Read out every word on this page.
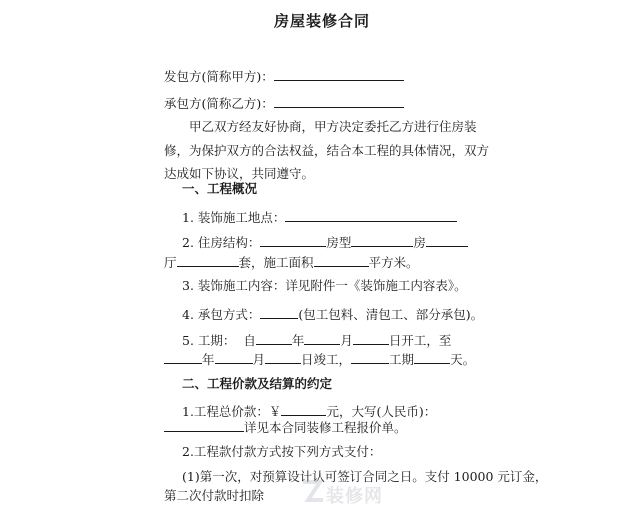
房屋装修合同
发包方(简称甲方)：
承包方(简称乙方)：
甲乙双方经友好协商，甲方决定委托乙方进行住房装修，为保护双方的合法权益，结合本工程的具体情况，双方达成如下协议，共同遵守。
一、工程概况
1. 装饰施工地点：
2. 住房结构：	房型	房
厅	套，施工面积	平方米。
3. 装饰施工内容：详见附件一《装饰施工内容表》。
4. 承包方式：	(包工包料、清包工、部分承包)。
5. 工期： 自	年	月	日开工，至
年	月	日竣工，	工期	天。
二、工程价款及结算的约定
1.工程总价款：￥	元，大写(人民币)：
详见本合同装修工程报价单。
2.工程款付款方式按下列方式支付：
(1)第一次，对预算设计认可签订合同之日。支付 10000 元订金，
第二次付款时扣除	装修网
